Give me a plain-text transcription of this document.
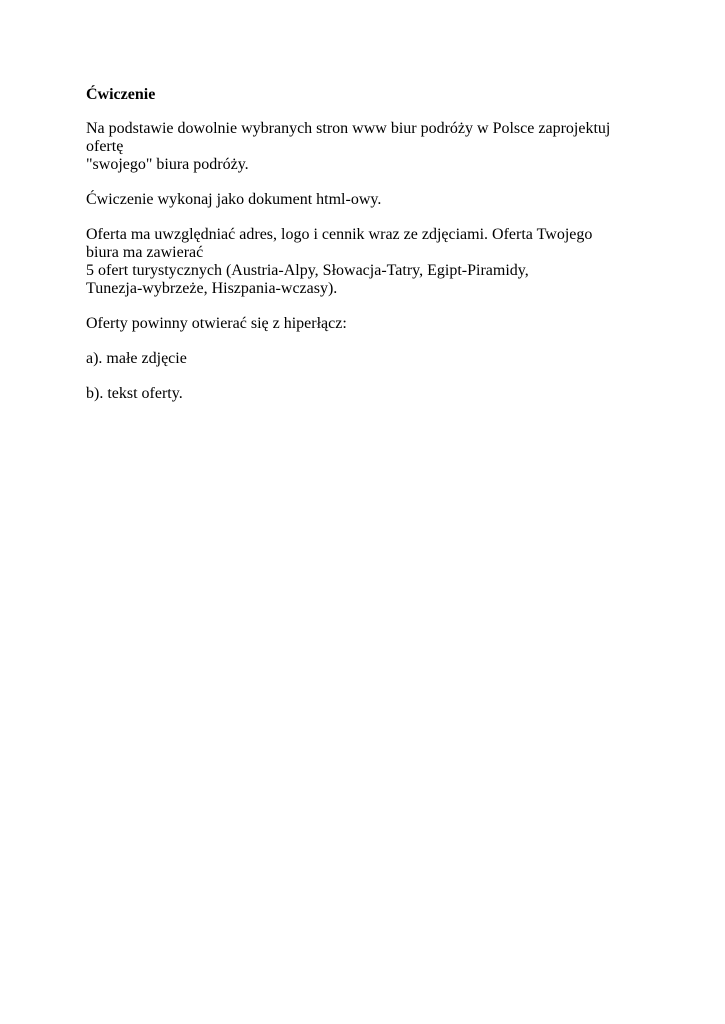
Ćwiczenie
Na podstawie dowolnie wybranych stron www biur podróży w Polsce zaprojektuj
ofertę
"swojego" biura podróży.
Ćwiczenie wykonaj jako dokument html-owy.
Oferta ma uwzględniać adres, logo i cennik wraz ze zdjęciami. Oferta Twojego
biura ma zawierać
5 ofert turystycznych (Austria-Alpy, Słowacja-Tatry, Egipt-Piramidy,
Tunezja-wybrzeże, Hiszpania-wczasy).
Oferty powinny otwierać się z hiperłącz:
a). małe zdjęcie
b). tekst oferty.
